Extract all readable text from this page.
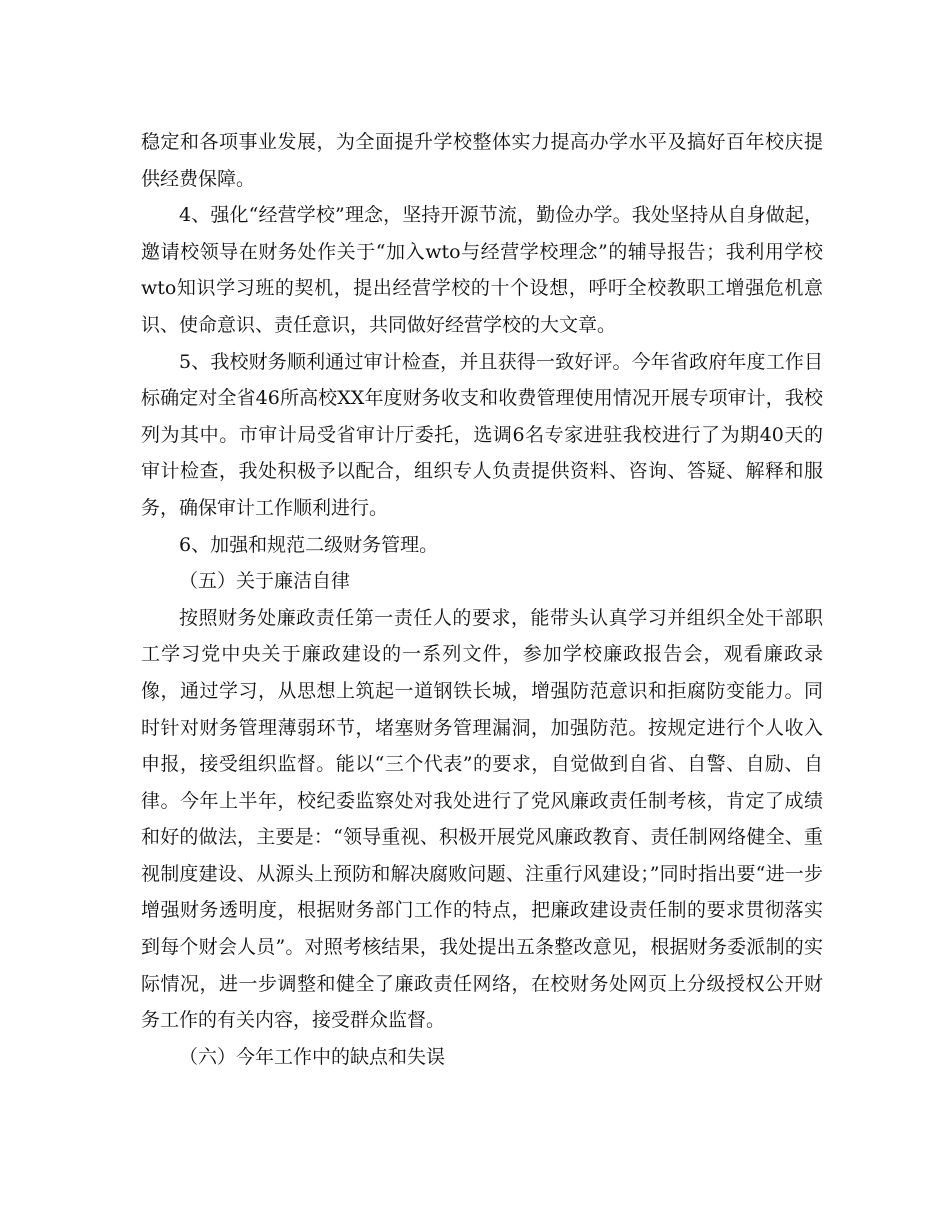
稳定和各项事业发展，为全面提升学校整体实力提高办学水平及搞好百年校庆提供经费保障。

4、强化“经营学校”理念，坚持开源节流，勤俭办学。我处坚持从自身做起，邀请校领导在财务处作关于“加入wto与经营学校理念”的辅导报告；我利用学校wto知识学习班的契机，提出经营学校的十个设想，呼吁全校教职工增强危机意识、使命意识、责任意识，共同做好经营学校的大文章。

5、我校财务顺利通过审计检查，并且获得一致好评。今年省政府年度工作目标确定对全省46所高校XX年度财务收支和收费管理使用情况开展专项审计，我校列为其中。市审计局受省审计厅委托，选调6名专家进驻我校进行了为期40天的审计检查，我处积极予以配合，组织专人负责提供资料、咨询、答疑、解释和服务，确保审计工作顺利进行。

6、加强和规范二级财务管理。

（五）关于廉洁自律

按照财务处廉政责任第一责任人的要求，能带头认真学习并组织全处干部职工学习党中央关于廉政建设的一系列文件，参加学校廉政报告会，观看廉政录像，通过学习，从思想上筑起一道钢铁长城，增强防范意识和拒腐防变能力。同时针对财务管理薄弱环节，堵塞财务管理漏洞，加强防范。按规定进行个人收入申报，接受组织监督。能以“三个代表”的要求，自觉做到自省、自警、自励、自律。今年上半年，校纪委监察处对我处进行了党风廉政责任制考核，肯定了成绩和好的做法，主要是：“领导重视、积极开展党风廉政教育、责任制网络健全、重视制度建设、从源头上预防和解决腐败问题、注重行风建设；”同时指出要“进一步增强财务透明度，根据财务部门工作的特点，把廉政建设责任制的要求贯彻落实到每个财会人员”。对照考核结果，我处提出五条整改意见，根据财务委派制的实际情况，进一步调整和健全了廉政责任网络，在校财务处网页上分级授权公开财务工作的有关内容，接受群众监督。

（六）今年工作中的缺点和失误
